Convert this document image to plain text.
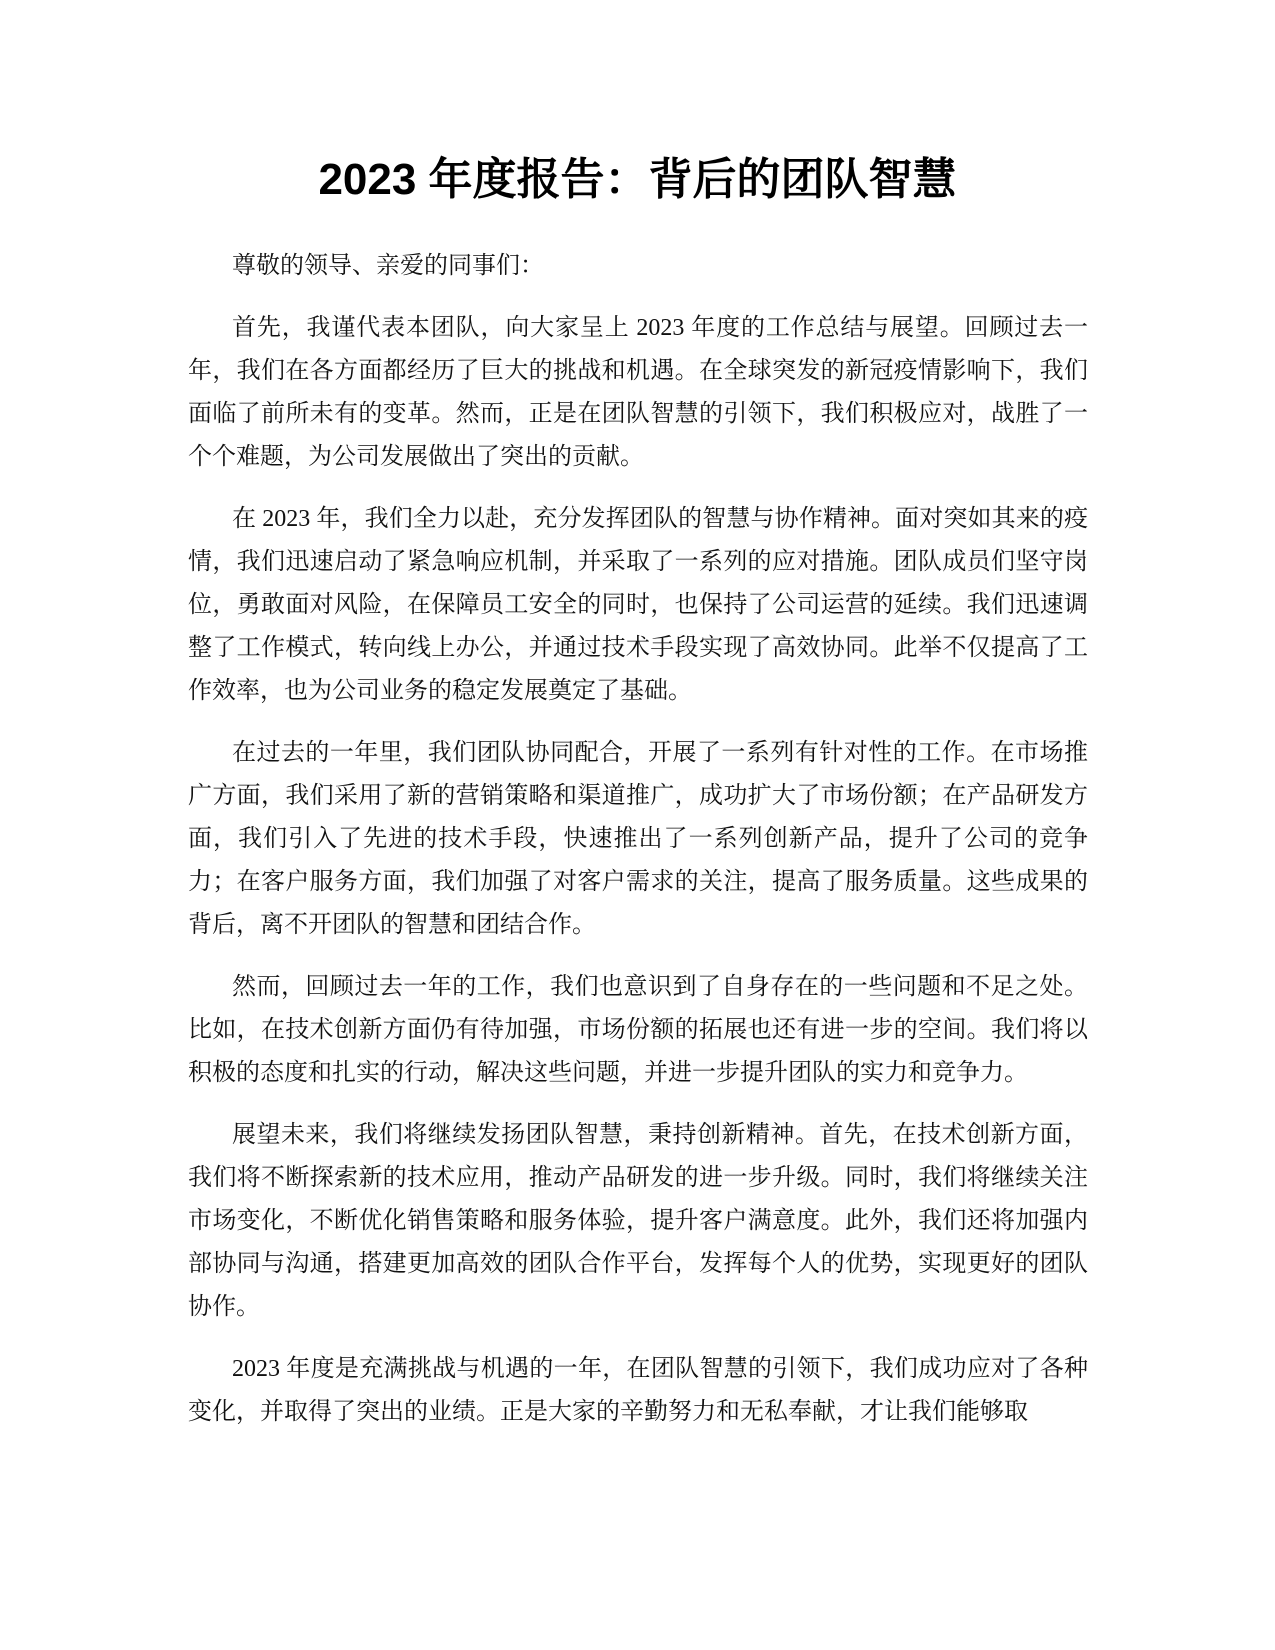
2023 年度报告：背后的团队智慧

尊敬的领导、亲爱的同事们：

首先，我谨代表本团队，向大家呈上 2023 年度的工作总结与展望。回顾过去一年，我们在各方面都经历了巨大的挑战和机遇。在全球突发的新冠疫情影响下，我们面临了前所未有的变革。然而，正是在团队智慧的引领下，我们积极应对，战胜了一个个难题，为公司发展做出了突出的贡献。

在 2023 年，我们全力以赴，充分发挥团队的智慧与协作精神。面对突如其来的疫情，我们迅速启动了紧急响应机制，并采取了一系列的应对措施。团队成员们坚守岗位，勇敢面对风险，在保障员工安全的同时，也保持了公司运营的延续。我们迅速调整了工作模式，转向线上办公，并通过技术手段实现了高效协同。此举不仅提高了工作效率，也为公司业务的稳定发展奠定了基础。

在过去的一年里，我们团队协同配合，开展了一系列有针对性的工作。在市场推广方面，我们采用了新的营销策略和渠道推广，成功扩大了市场份额；在产品研发方面，我们引入了先进的技术手段，快速推出了一系列创新产品，提升了公司的竞争力；在客户服务方面，我们加强了对客户需求的关注，提高了服务质量。这些成果的背后，离不开团队的智慧和团结合作。

然而，回顾过去一年的工作，我们也意识到了自身存在的一些问题和不足之处。比如，在技术创新方面仍有待加强，市场份额的拓展也还有进一步的空间。我们将以积极的态度和扎实的行动，解决这些问题，并进一步提升团队的实力和竞争力。

展望未来，我们将继续发扬团队智慧，秉持创新精神。首先，在技术创新方面，我们将不断探索新的技术应用，推动产品研发的进一步升级。同时，我们将继续关注市场变化，不断优化销售策略和服务体验，提升客户满意度。此外，我们还将加强内部协同与沟通，搭建更加高效的团队合作平台，发挥每个人的优势，实现更好的团队协作。

2023 年度是充满挑战与机遇的一年，在团队智慧的引领下，我们成功应对了各种变化，并取得了突出的业绩。正是大家的辛勤努力和无私奉献，才让我们能够取
